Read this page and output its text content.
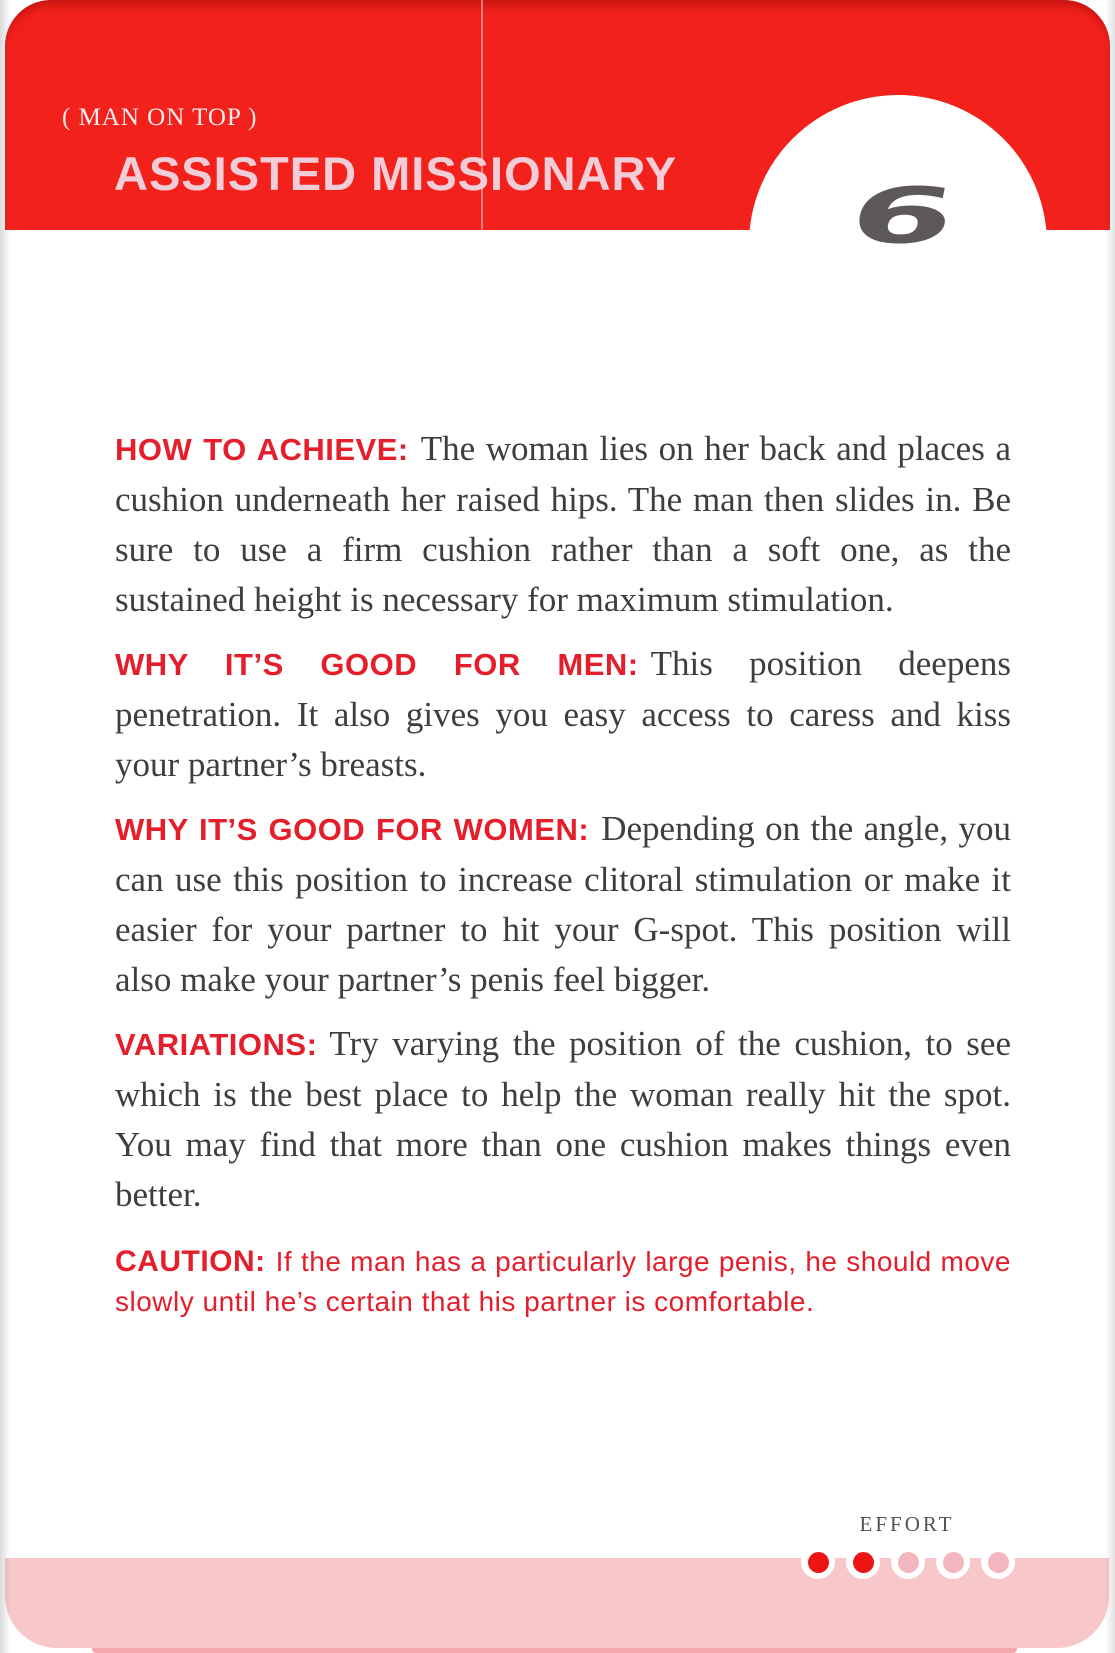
( MAN ON TOP )
ASSISTED MISSIONARY 6

HOW TO ACHIEVE: The woman lies on her back and places a cushion underneath her raised hips. The man then slides in. Be sure to use a firm cushion rather than a soft one, as the sustained height is necessary for maximum stimulation.

WHY IT’S GOOD FOR MEN: This position deepens penetration. It also gives you easy access to caress and kiss your partner’s breasts.

WHY IT’S GOOD FOR WOMEN: Depending on the angle, you can use this position to increase clitoral stimulation or make it easier for your partner to hit your G-spot. This position will also make your partner’s penis feel bigger.

VARIATIONS: Try varying the position of the cushion, to see which is the best place to help the woman really hit the spot. You may find that more than one cushion makes things even better.

CAUTION: If the man has a particularly large penis, he should move slowly until he’s certain that his partner is comfortable.

EFFORT
